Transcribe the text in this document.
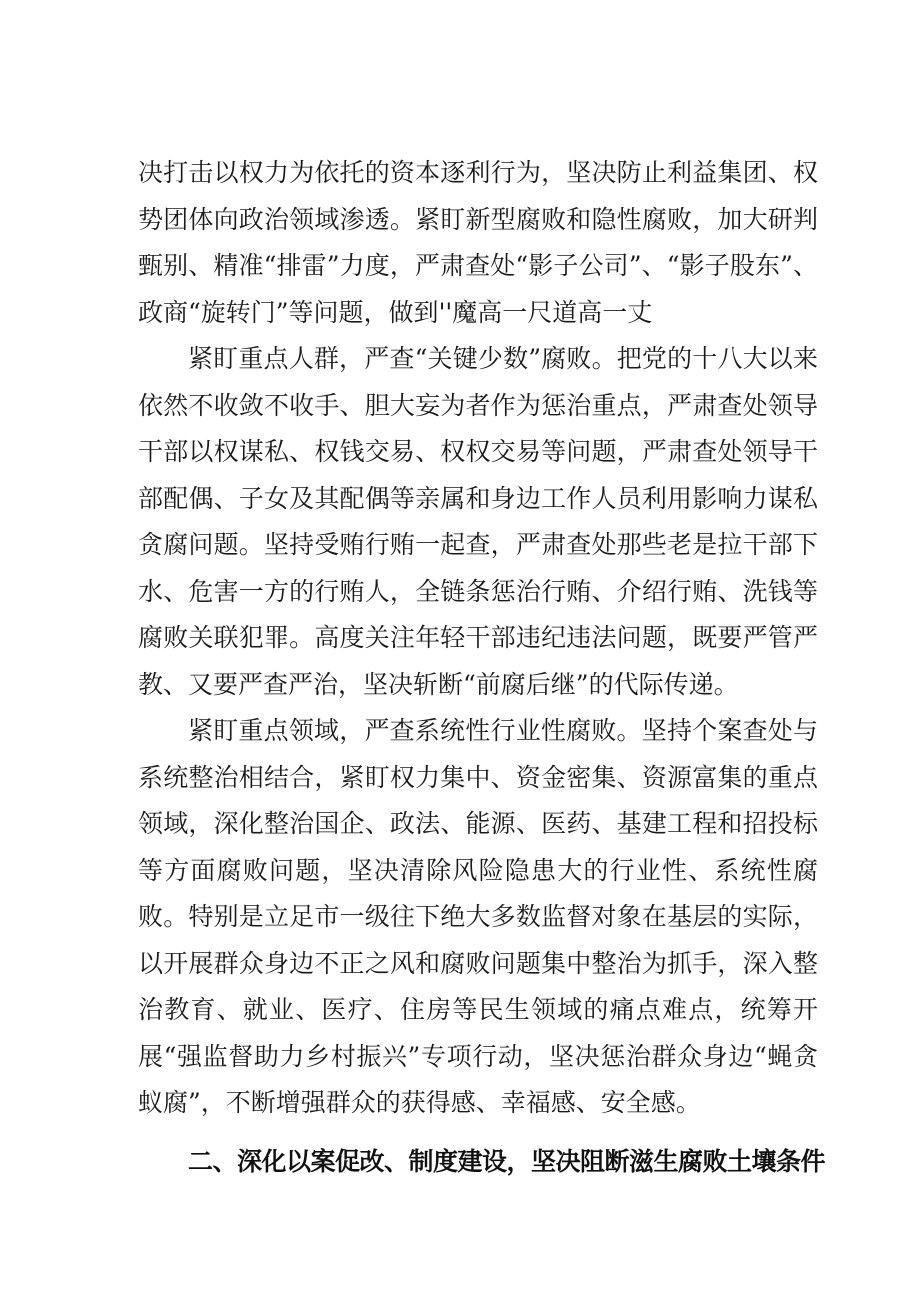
决打击以权力为依托的资本逐利行为，坚决防止利益集团、权势团体向政治领域渗透。紧盯新型腐败和隐性腐败，加大研判甄别、精准“排雷”力度，严肃查处“影子公司”、“影子股东”、政商“旋转门”等问题，做到''魔高一尺道高一丈

紧盯重点人群，严查“关键少数”腐败。把党的十八大以来依然不收敛不收手、胆大妄为者作为惩治重点，严肃查处领导干部以权谋私、权钱交易、权权交易等问题，严肃查处领导干部配偶、子女及其配偶等亲属和身边工作人员利用影响力谋私贪腐问题。坚持受贿行贿一起查，严肃查处那些老是拉干部下水、危害一方的行贿人，全链条惩治行贿、介绍行贿、洗钱等腐败关联犯罪。高度关注年轻干部违纪违法问题，既要严管严教、又要严查严治，坚决斩断“前腐后继”的代际传递。

紧盯重点领域，严查系统性行业性腐败。坚持个案查处与系统整治相结合，紧盯权力集中、资金密集、资源富集的重点领域，深化整治国企、政法、能源、医药、基建工程和招投标等方面腐败问题，坚决清除风险隐患大的行业性、系统性腐败。特别是立足市一级往下绝大多数监督对象在基层的实际，以开展群众身边不正之风和腐败问题集中整治为抓手，深入整治教育、就业、医疗、住房等民生领域的痛点难点，统筹开展“强监督助力乡村振兴”专项行动，坚决惩治群众身边“蝇贪蚁腐”，不断增强群众的获得感、幸福感、安全感。

二、深化以案促改、制度建设，坚决阻断滋生腐败土壤条件
